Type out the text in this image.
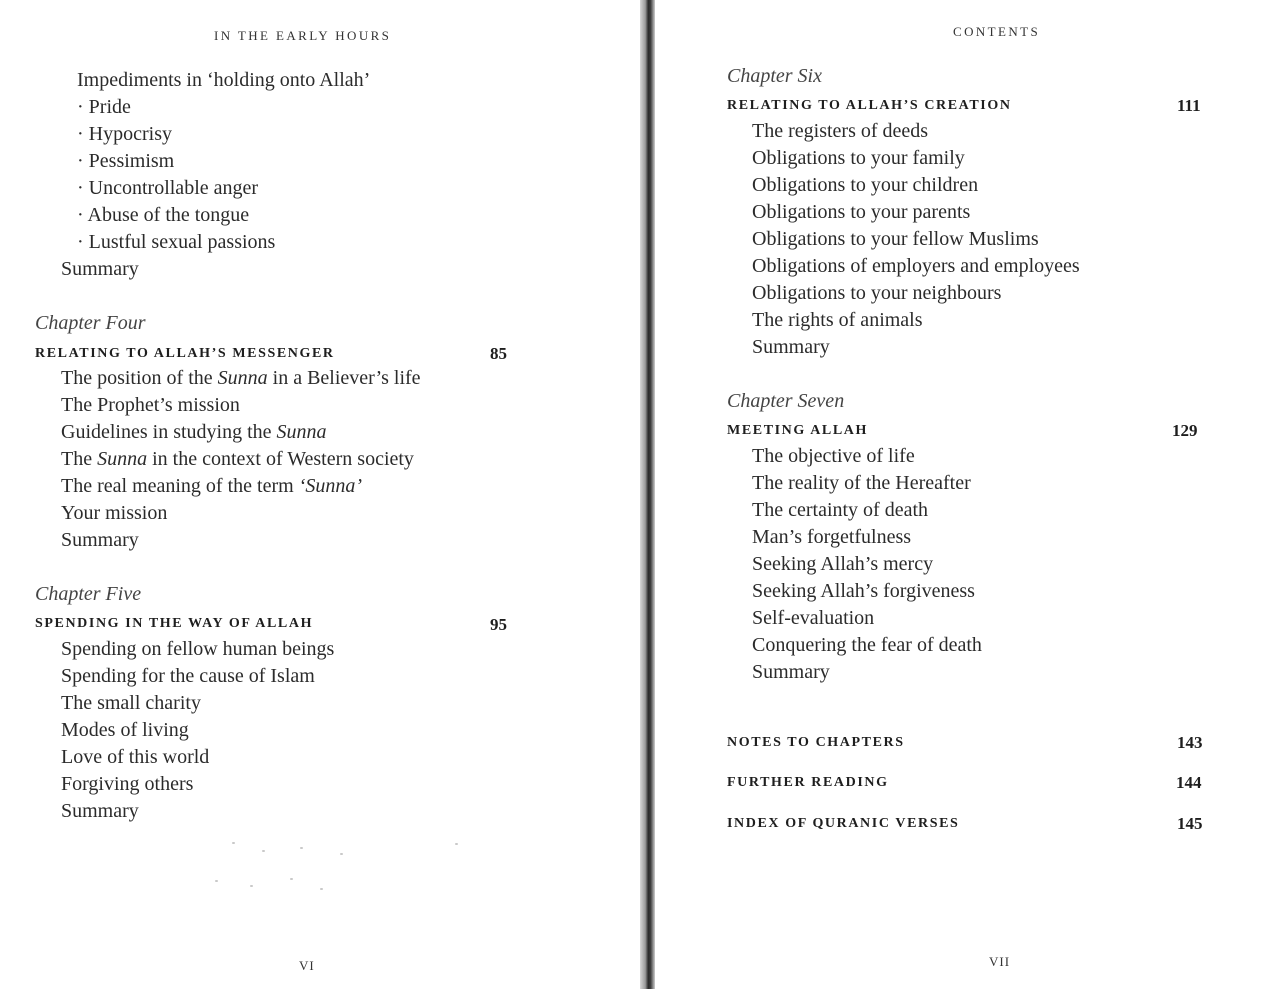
IN THE EARLY HOURS
Impediments in ‘holding onto Allah’
· Pride
· Hypocrisy
· Pessimism
· Uncontrollable anger
· Abuse of the tongue
· Lustful sexual passions
Summary
Chapter Four
RELATING TO ALLAH’S MESSENGER	85
The position of the Sunna in a Believer’s life
The Prophet’s mission
Guidelines in studying the Sunna
The Sunna in the context of Western society
The real meaning of the term ‘Sunna’
Your mission
Summary
Chapter Five
SPENDING IN THE WAY OF ALLAH	95
Spending on fellow human beings
Spending for the cause of Islam
The small charity
Modes of living
Love of this world
Forgiving others
Summary
VI
CONTENTS
Chapter Six
RELATING TO ALLAH’S CREATION	111
The registers of deeds
Obligations to your family
Obligations to your children
Obligations to your parents
Obligations to your fellow Muslims
Obligations of employers and employees
Obligations to your neighbours
The rights of animals
Summary
Chapter Seven
MEETING ALLAH	129
The objective of life
The reality of the Hereafter
The certainty of death
Man’s forgetfulness
Seeking Allah’s mercy
Seeking Allah’s forgiveness
Self-evaluation
Conquering the fear of death
Summary
NOTES TO CHAPTERS	143
FURTHER READING	144
INDEX OF QURANIC VERSES	145
VII
